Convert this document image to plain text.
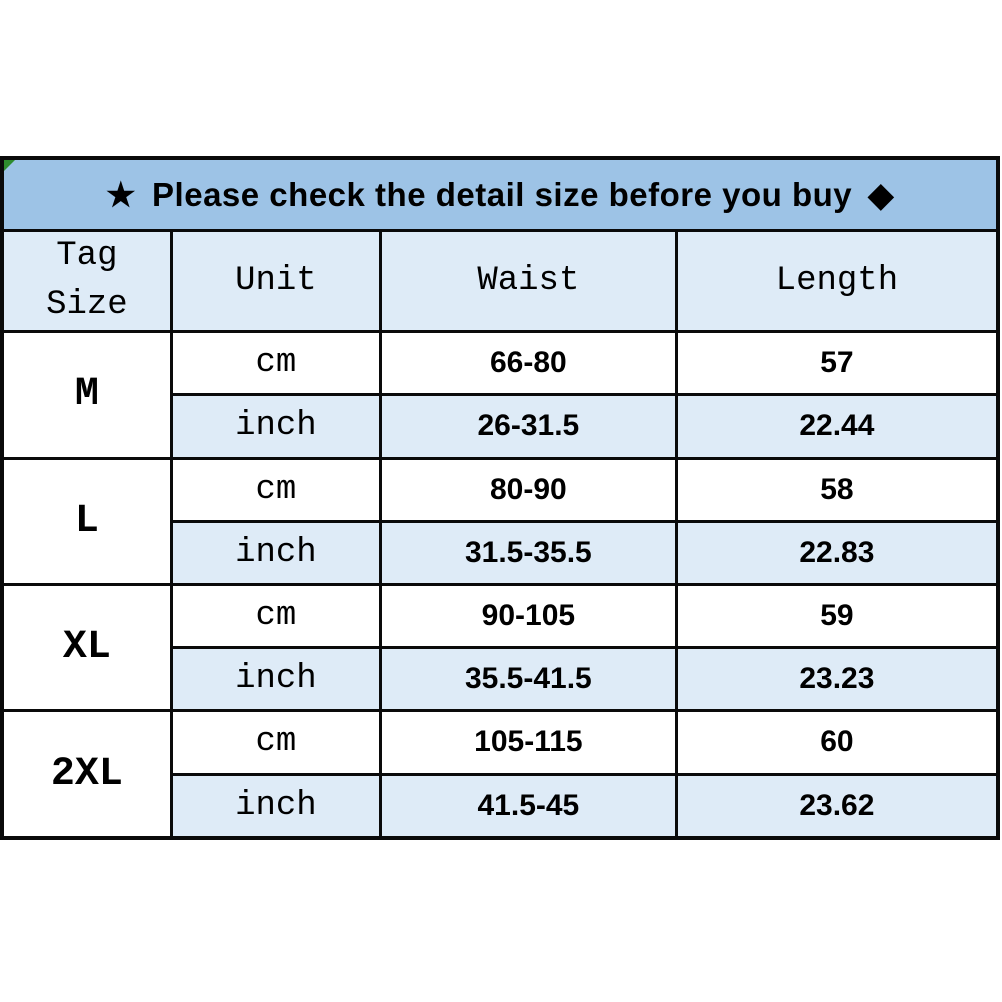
★ Please check the detail size before you buy ◆			
Tag Size	Unit	Waist	Length
M	cm	66-80	57
	inch	26-31.5	22.44
L	cm	80-90	58
	inch	31.5-35.5	22.83
XL	cm	90-105	59
	inch	35.5-41.5	23.23
2XL	cm	105-115	60
	inch	41.5-45	23.62
